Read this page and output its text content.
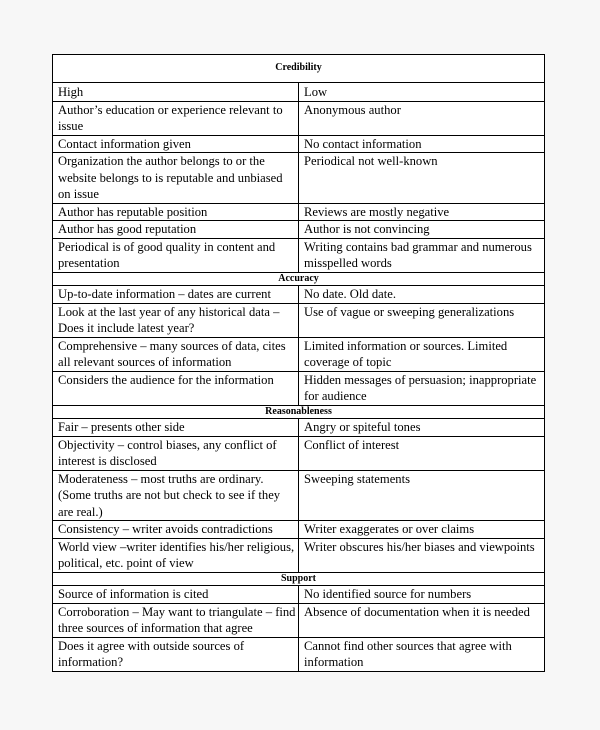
Credibility	
High	Low
Author’s education or experience relevant to issue	Anonymous author
Contact information given	No contact information
Organization the author belongs to or the website belongs to is reputable and unbiased on issue	Periodical not well-known
Author has reputable position	Reviews are mostly negative
Author has good reputation	Author is not convincing
Periodical is of good quality in content and presentation	Writing contains bad grammar and numerous misspelled words
Accuracy	
Up-to-date information – dates are current	No date. Old date.
Look at the last year of any historical data – Does it include latest year?	Use of vague or sweeping generalizations
Comprehensive – many sources of data, cites all relevant sources of information	Limited information or sources. Limited coverage of topic
Considers the audience for the information	Hidden messages of persuasion; inappropriate for audience
Reasonableness	
Fair – presents other side	Angry or spiteful tones
Objectivity – control biases, any conflict of interest is disclosed	Conflict of interest
Moderateness – most truths are ordinary. (Some truths are not but check to see if they are real.)	Sweeping statements
Consistency – writer avoids contradictions	Writer exaggerates or over claims
World view –writer identifies his/her religious, political, etc. point of view	Writer obscures his/her biases and viewpoints
Support	
Source of information is cited	No identified source for numbers
Corroboration – May want to triangulate – find three sources of information that agree	Absence of documentation when it is needed
Does it agree with outside sources of information?	Cannot find other sources that agree with information
